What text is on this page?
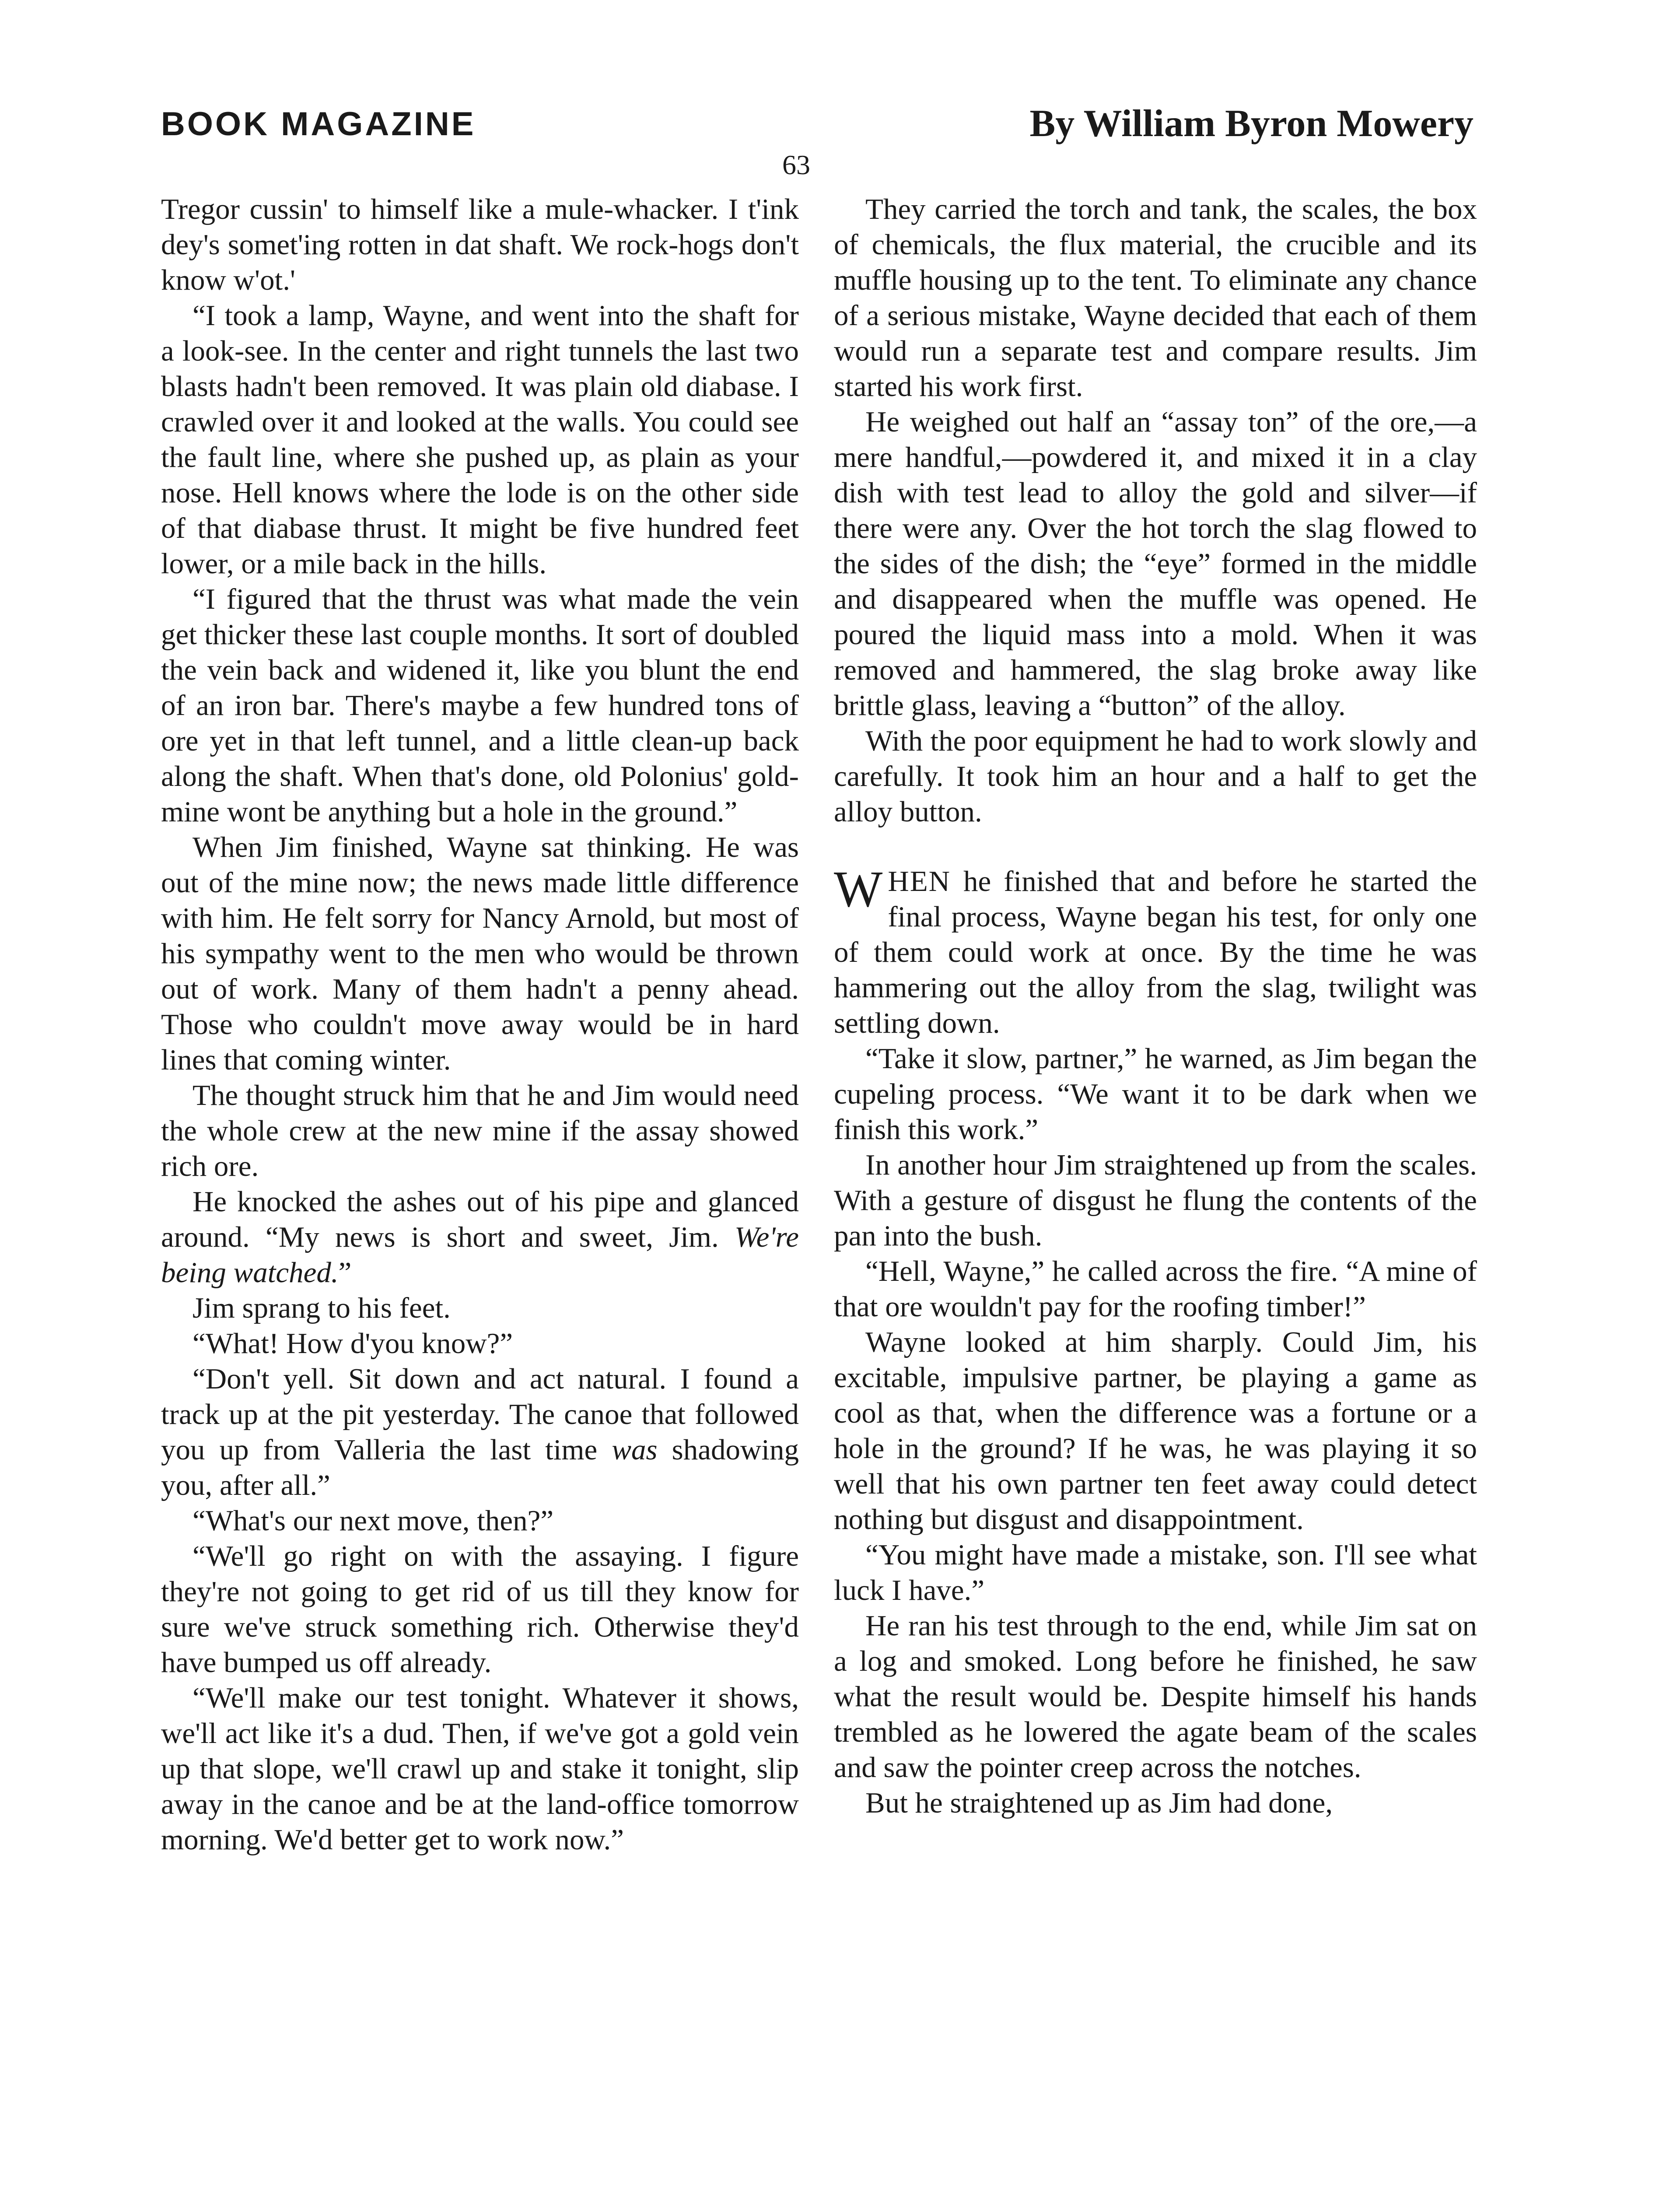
BOOK MAGAZINE	By William Byron Mowery
63

Tregor cussin' to himself like a mule-whacker. I t'ink dey's somet'ing rotten in dat shaft. We rock-hogs don't know w'ot.'

“I took a lamp, Wayne, and went into the shaft for a look-see. In the center and right tunnels the last two blasts hadn't been removed. It was plain old diabase. I crawled over it and looked at the walls. You could see the fault line, where she pushed up, as plain as your nose. Hell knows where the lode is on the other side of that diabase thrust. It might be five hundred feet lower, or a mile back in the hills.

“I figured that the thrust was what made the vein get thicker these last couple months. It sort of doubled the vein back and widened it, like you blunt the end of an iron bar. There's maybe a few hundred tons of ore yet in that left tunnel, and a little clean-up back along the shaft. When that's done, old Polonius' gold-mine wont be anything but a hole in the ground.”

When Jim finished, Wayne sat thinking. He was out of the mine now; the news made little difference with him. He felt sorry for Nancy Arnold, but most of his sympathy went to the men who would be thrown out of work. Many of them hadn't a penny ahead. Those who couldn't move away would be in hard lines that coming winter.

The thought struck him that he and Jim would need the whole crew at the new mine if the assay showed rich ore.

He knocked the ashes out of his pipe and glanced around. “My news is short and sweet, Jim. We're being watched.”

Jim sprang to his feet.

“What! How d'you know?”

“Don't yell. Sit down and act natural. I found a track up at the pit yesterday. The canoe that followed you up from Valleria the last time was shadowing you, after all.”

“What's our next move, then?”

“We'll go right on with the assaying. I figure they're not going to get rid of us till they know for sure we've struck something rich. Otherwise they'd have bumped us off already.

“We'll make our test tonight. Whatever it shows, we'll act like it's a dud. Then, if we've got a gold vein up that slope, we'll crawl up and stake it tonight, slip away in the canoe and be at the land-office tomorrow morning. We'd better get to work now.”

They carried the torch and tank, the scales, the box of chemicals, the flux material, the crucible and its muffle housing up to the tent. To eliminate any chance of a serious mistake, Wayne decided that each of them would run a separate test and compare results. Jim started his work first.

He weighed out half an “assay ton” of the ore,—a mere handful,—powdered it, and mixed it in a clay dish with test lead to alloy the gold and silver—if there were any. Over the hot torch the slag flowed to the sides of the dish; the “eye” formed in the middle and disappeared when the muffle was opened. He poured the liquid mass into a mold. When it was removed and hammered, the slag broke away like brittle glass, leaving a “button” of the alloy.

With the poor equipment he had to work slowly and carefully. It took him an hour and a half to get the alloy button.

WHEN he finished that and before he started the final process, Wayne began his test, for only one of them could work at once. By the time he was hammering out the alloy from the slag, twilight was settling down.

“Take it slow, partner,” he warned, as Jim began the cupeling process. “We want it to be dark when we finish this work.”

In another hour Jim straightened up from the scales. With a gesture of disgust he flung the contents of the pan into the bush.

“Hell, Wayne,” he called across the fire. “A mine of that ore wouldn't pay for the roofing timber!”

Wayne looked at him sharply. Could Jim, his excitable, impulsive partner, be playing a game as cool as that, when the difference was a fortune or a hole in the ground? If he was, he was playing it so well that his own partner ten feet away could detect nothing but disgust and disappointment.

“You might have made a mistake, son. I'll see what luck I have.”

He ran his test through to the end, while Jim sat on a log and smoked. Long before he finished, he saw what the result would be. Despite himself his hands trembled as he lowered the agate beam of the scales and saw the pointer creep across the notches.

But he straightened up as Jim had done,
